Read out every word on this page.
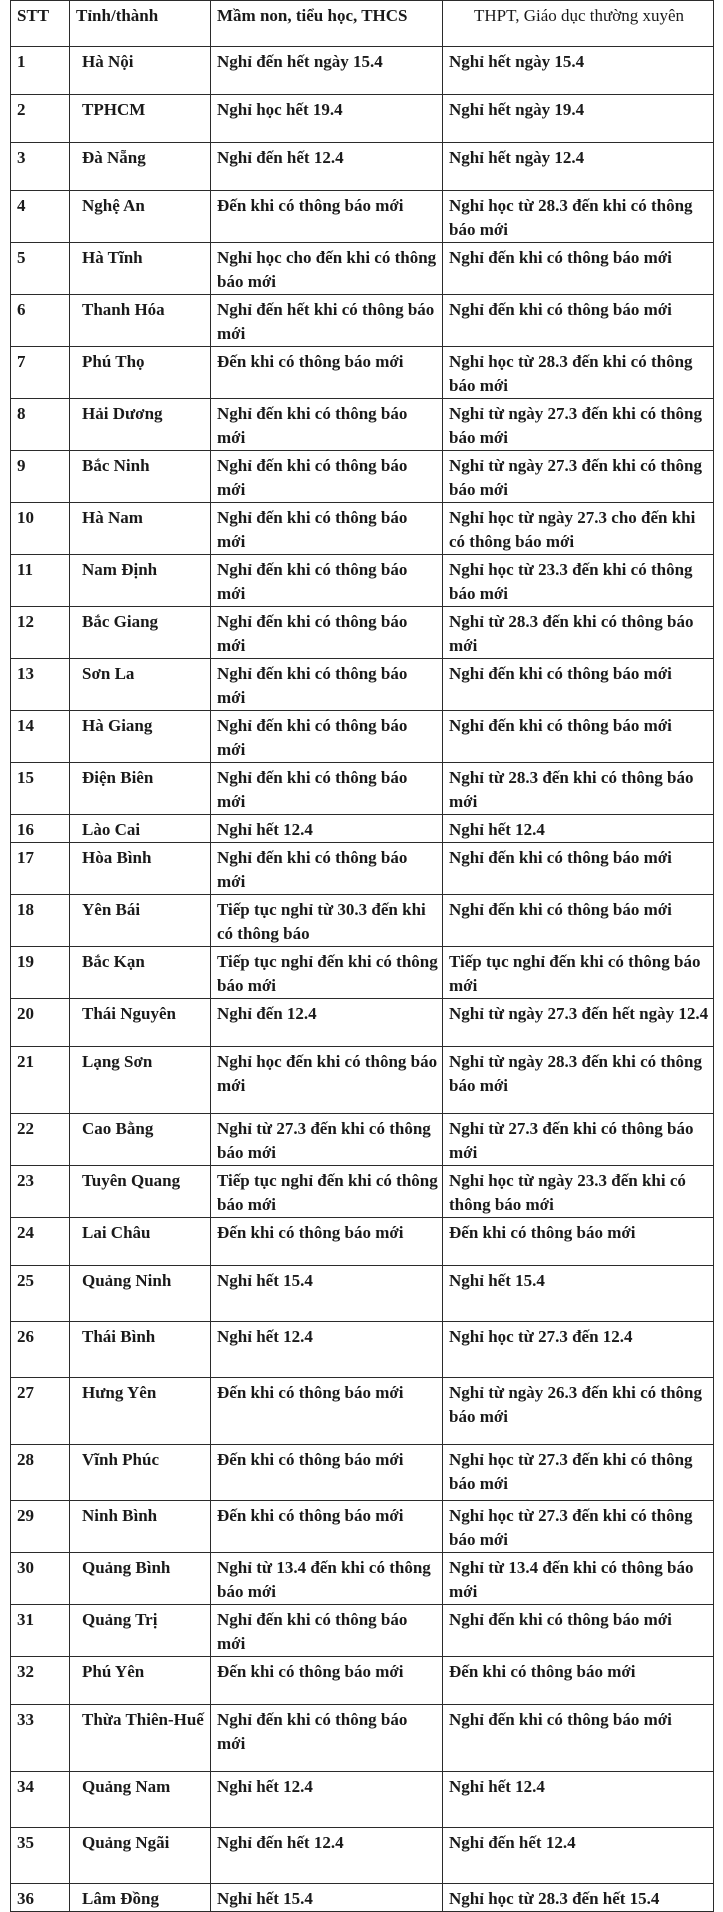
STT	Tỉnh/thành	Mầm non, tiểu học, THCS	THPT, Giáo dục thường xuyên
1	Hà Nội	Nghỉ đến hết ngày 15.4	Nghỉ hết ngày 15.4
2	TPHCM	Nghỉ học hết 19.4	Nghỉ hết ngày 19.4
3	Đà Nẵng	Nghỉ đến hết 12.4	Nghỉ hết ngày 12.4
4	Nghệ An	Đến khi có thông báo mới	Nghỉ học từ 28.3 đến khi có thông báo mới
5	Hà Tĩnh	Nghỉ học cho đến khi có thông báo mới	Nghỉ đến khi có thông báo mới
6	Thanh Hóa	Nghỉ đến hết khi có thông báo mới	Nghỉ đến khi có thông báo mới
7	Phú Thọ	Đến khi có thông báo mới	Nghỉ học từ 28.3 đến khi có thông báo mới
8	Hải Dương	Nghỉ đến khi có thông báo mới	Nghỉ từ ngày 27.3 đến khi có thông báo mới
9	Bắc Ninh	Nghỉ đến khi có thông báo mới	Nghỉ từ ngày 27.3 đến khi có thông báo mới
10	Hà Nam	Nghỉ đến khi có thông báo mới	Nghỉ học từ ngày 27.3 cho đến khi có thông báo mới
11	Nam Định	Nghỉ đến khi có thông báo mới	Nghỉ học từ 23.3 đến khi có thông báo mới
12	Bắc Giang	Nghỉ đến khi có thông báo mới	Nghỉ từ 28.3 đến khi có thông báo mới
13	Sơn La	Nghỉ đến khi có thông báo mới	Nghỉ đến khi có thông báo mới
14	Hà Giang	Nghỉ đến khi có thông báo mới	Nghỉ đến khi có thông báo mới
15	Điện Biên	Nghỉ đến khi có thông báo mới	Nghỉ từ 28.3 đến khi có thông báo mới
16	Lào Cai	Nghỉ hết 12.4	Nghỉ hết 12.4
17	Hòa Bình	Nghỉ đến khi có thông báo mới	Nghỉ đến khi có thông báo mới
18	Yên Bái	Tiếp tục nghỉ từ 30.3 đến khi có thông báo	Nghỉ đến khi có thông báo mới
19	Bắc Kạn	Tiếp tục nghỉ đến khi có thông báo mới	Tiếp tục nghỉ đến khi có thông báo mới
20	Thái Nguyên	Nghỉ đến 12.4	Nghỉ từ ngày 27.3 đến hết ngày 12.4
21	Lạng Sơn	Nghỉ học đến khi có thông báo mới	Nghỉ từ ngày 28.3 đến khi có thông báo mới
22	Cao Bằng	Nghỉ từ 27.3 đến khi có thông báo mới	Nghỉ từ 27.3 đến khi có thông báo mới
23	Tuyên Quang	Tiếp tục nghỉ đến khi có thông báo mới	Nghỉ học từ ngày 23.3 đến khi có thông báo mới
24	Lai Châu	Đến khi có thông báo mới	Đến khi có thông báo mới
25	Quảng Ninh	Nghỉ hết 15.4	Nghỉ hết 15.4
26	Thái Bình	Nghỉ hết 12.4	Nghỉ học từ 27.3 đến 12.4
27	Hưng Yên	Đến khi có thông báo mới	Nghỉ từ ngày 26.3 đến khi có thông báo mới
28	Vĩnh Phúc	Đến khi có thông báo mới	Nghỉ học từ 27.3 đến khi có thông báo mới
29	Ninh Bình	Đến khi có thông báo mới	Nghỉ học từ 27.3 đến khi có thông báo mới
30	Quảng Bình	Nghỉ từ 13.4 đến khi có thông báo mới	Nghỉ từ 13.4 đến khi có thông báo mới
31	Quảng Trị	Nghỉ đến khi có thông báo mới	Nghỉ đến khi có thông báo mới
32	Phú Yên	Đến khi có thông báo mới	Đến khi có thông báo mới
33	Thừa Thiên-Huế	Nghỉ đến khi có thông báo mới	Nghỉ đến khi có thông báo mới
34	Quảng Nam	Nghỉ hết 12.4	Nghỉ hết 12.4
35	Quảng Ngãi	Nghỉ đến hết 12.4	Nghỉ đến hết 12.4
36	Lâm Đồng	Nghỉ hết 15.4	Nghỉ học từ 28.3 đến hết 15.4
